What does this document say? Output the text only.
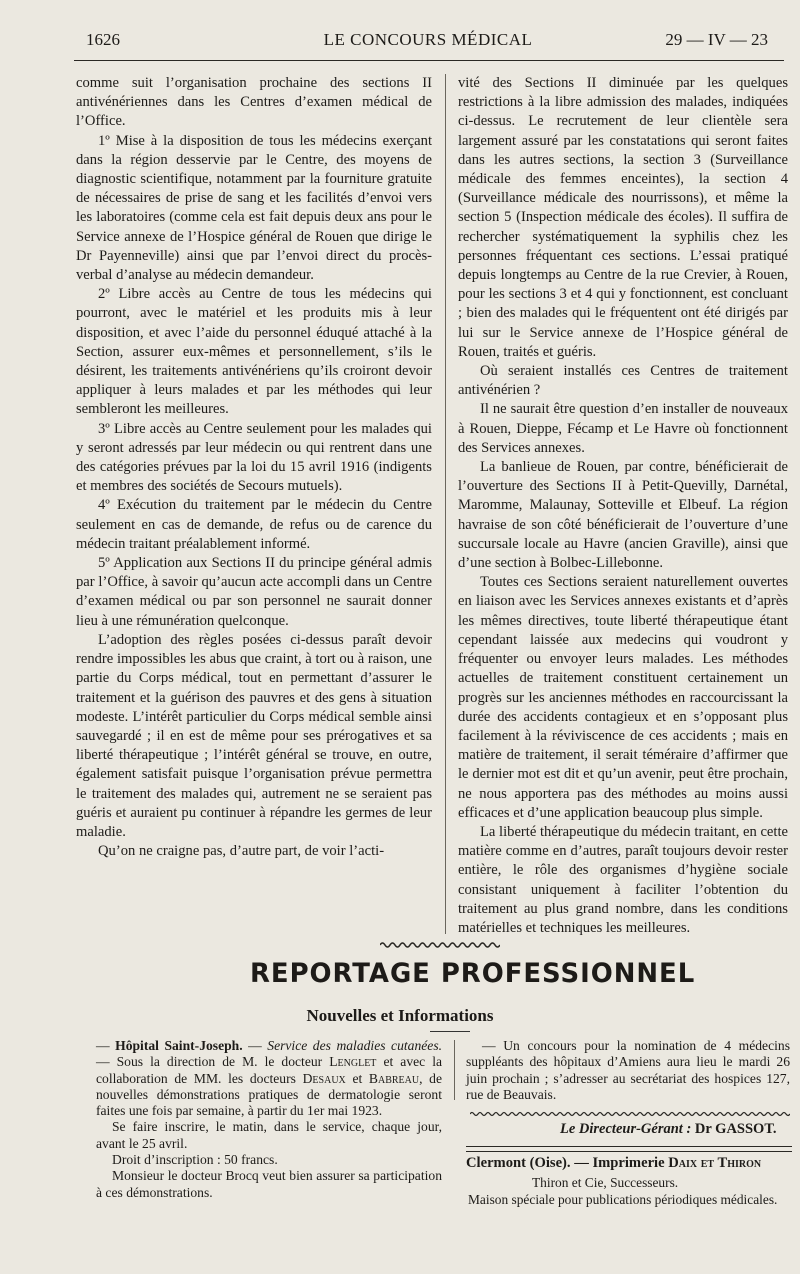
1626	LE CONCOURS MÉDICAL	29 — IV — 23

comme suit l’organisation prochaine des sections II antivénériennes dans les Centres d’examen médical de l’Office.

1º Mise à la disposition de tous les médecins exerçant dans la région desservie par le Centre, des moyens de diagnostic scientifique, notamment par la fourniture gratuite de nécessaires de prise de sang et les facilités d’envoi vers les laboratoires (comme cela est fait depuis deux ans pour le Service annexe de l’Hospice général de Rouen que dirige le Dr Payenneville) ainsi que par l’envoi direct du procès-verbal d’analyse au médecin demandeur.

2º Libre accès au Centre de tous les médecins qui pourront, avec le matériel et les produits mis à leur disposition, et avec l’aide du personnel éduqué attaché à la Section, assurer eux-mêmes et personnellement, s’ils le désirent, les traitements antivénériens qu’ils croiront devoir appliquer à leurs malades et par les méthodes qui leur sembleront les meilleures.

3º Libre accès au Centre seulement pour les malades qui y seront adressés par leur médecin ou qui rentrent dans une des catégories prévues par la loi du 15 avril 1916 (indigents et membres des sociétés de Secours mutuels).

4º Exécution du traitement par le médecin du Centre seulement en cas de demande, de refus ou de carence du médecin traitant préalablement informé.

5º Application aux Sections II du principe général admis par l’Office, à savoir qu’aucun acte accompli dans un Centre d’examen médical ou par son personnel ne saurait donner lieu à une rémunération quelconque.

L’adoption des règles posées ci-dessus paraît devoir rendre impossibles les abus que craint, à tort ou à raison, une partie du Corps médical, tout en permettant d’assurer le traitement et la guérison des pauvres et des gens à situation modeste. L’intérêt particulier du Corps médical semble ainsi sauvegardé ; il en est de même pour ses prérogatives et sa liberté thérapeutique ; l’intérêt général se trouve, en outre, également satisfait puisque l’organisation prévue permettra le traitement des malades qui, autrement ne se seraient pas guéris et auraient pu continuer à répandre les germes de leur maladie.

Qu’on ne craigne pas, d’autre part, de voir l’acti-

vité des Sections II diminuée par les quelques restrictions à la libre admission des malades, indiquées ci-dessus. Le recrutement de leur clientèle sera largement assuré par les constatations qui seront faites dans les autres sections, la section 3 (Surveillance médicale des femmes enceintes), la section 4 (Surveillance médicale des nourrissons), et même la section 5 (Inspection médicale des écoles). Il suffira de rechercher systématiquement la syphilis chez les personnes fréquentant ces sections. L’essai pratiqué depuis longtemps au Centre de la rue Crevier, à Rouen, pour les sections 3 et 4 qui y fonctionnent, est concluant ; bien des malades qui le fréquentent ont été dirigés par lui sur le Service annexe de l’Hospice général de Rouen, traités et guéris.

Où seraient installés ces Centres de traitement antivénérien ?

Il ne saurait être question d’en installer de nouveaux à Rouen, Dieppe, Fécamp et Le Havre où fonctionnent des Services annexes.

La banlieue de Rouen, par contre, bénéficierait de l’ouverture des Sections II à Petit-Quevilly, Darnétal, Maromme, Malaunay, Sotteville et Elbeuf. La région havraise de son côté bénéficierait de l’ouverture d’une succursale locale au Havre (ancien Graville), ainsi que d’une section à Bolbec-Lillebonne.

Toutes ces Sections seraient naturellement ouvertes en liaison avec les Services annexes existants et d’après les mêmes directives, toute liberté thérapeutique étant cependant laissée aux medecins qui voudront y fréquenter ou envoyer leurs malades. Les méthodes actuelles de traitement constituent certainement un progrès sur les anciennes méthodes en raccourcissant la durée des accidents contagieux et en s’opposant plus facilement à la réviviscence de ces accidents ; mais en matière de traitement, il serait téméraire d’affirmer que le dernier mot est dit et qu’un avenir, peut être prochain, ne nous apportera pas des méthodes au moins aussi efficaces et d’une application beaucoup plus simple.

La liberté thérapeutique du médecin traitant, en cette matière comme en d’autres, paraît toujours devoir rester entière, le rôle des organismes d’hygiène sociale consistant uniquement à faciliter l’obtention du traitement au plus grand nombre, dans les conditions matérielles et techniques les meilleures.

REPORTAGE PROFESSIONNEL
Nouvelles et Informations

— Hôpital Saint-Joseph. — Service des maladies cutanées. — Sous la direction de M. le docteur Lenglet et avec la collaboration de MM. les docteurs Desaux et Babreau, de nouvelles démonstrations pratiques de dermatologie seront faites une fois par semaine, à partir du 1er mai 1923.

Se faire inscrire, le matin, dans le service, chaque jour, avant le 25 avril.

Droit d’inscription : 50 francs.

Monsieur le docteur Brocq veut bien assurer sa participation à ces démonstrations.

— Un concours pour la nomination de 4 médecins suppléants des hôpitaux d’Amiens aura lieu le mardi 26 juin prochain ; s’adresser au secrétariat des hospices 127, rue de Beauvais.

Le Directeur-Gérant : Dr GASSOT.
Clermont (Oise). — Imprimerie Daix et Thiron
Thiron et Cie, Successeurs.
Maison spéciale pour publications périodiques médicales.
